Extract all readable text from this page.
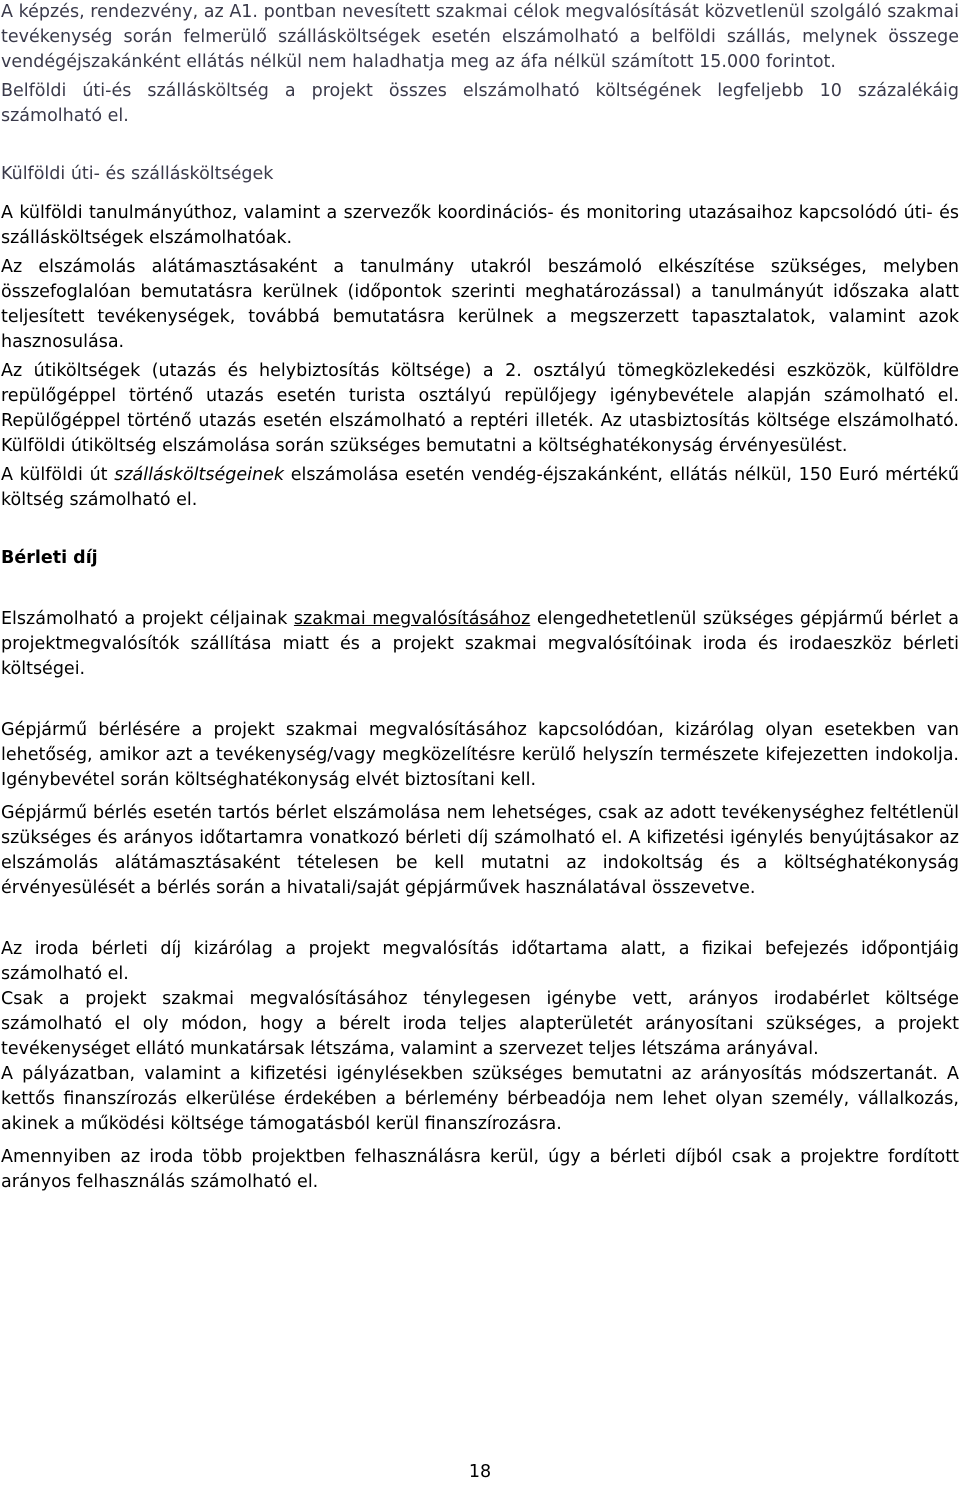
A képzés, rendezvény, az A1. pontban nevesített szakmai célok megvalósítását közvetlenül szolgáló szakmai tevékenység során felmerülő szállásköltségek esetén elszámolható a belföldi szállás, melynek összege vendégéjszakánként ellátás nélkül nem haladhatja meg az áfa nélkül számított 15.000 forintot.

Belföldi úti-és szállásköltség a projekt összes elszámolható költségének legfeljebb 10 százalékáig számolható el.

Külföldi úti- és szállásköltségek

A külföldi tanulmányúthoz, valamint a szervezők koordinációs- és monitoring utazásaihoz kapcsolódó úti- és szállásköltségek elszámolhatóak.

Az elszámolás alátámasztásaként a tanulmány utakról beszámoló elkészítése szükséges, melyben összefoglalóan bemutatásra kerülnek (időpontok szerinti meghatározással) a tanulmányút időszaka alatt teljesített tevékenységek, továbbá bemutatásra kerülnek a megszerzett tapasztalatok, valamint azok hasznosulása.

Az útiköltségek (utazás és helybiztosítás költsége) a 2. osztályú tömegközlekedési eszközök, külföldre repülőgéppel történő utazás esetén turista osztályú repülőjegy igénybevétele alapján számolható el. Repülőgéppel történő utazás esetén elszámolható a reptéri illeték. Az utasbiztosítás költsége elszámolható. Külföldi útiköltség elszámolása során szükséges bemutatni a költséghatékonyság érvényesülést.

A külföldi út szállásköltségeinek elszámolása esetén vendég-éjszakánként, ellátás nélkül, 150 Euró mértékű költség számolható el.

Bérleti díj

Elszámolható a projekt céljainak szakmai megvalósításához elengedhetetlenül szükséges gépjármű bérlet a projektmegvalósítók szállítása miatt és a projekt szakmai megvalósítóinak iroda és irodaeszköz bérleti költségei.

Gépjármű bérlésére a projekt szakmai megvalósításához kapcsolódóan, kizárólag olyan esetekben van lehetőség, amikor azt a tevékenység/vagy megközelítésre kerülő helyszín természete kifejezetten indokolja. Igénybevétel során költséghatékonyság elvét biztosítani kell.

Gépjármű bérlés esetén tartós bérlet elszámolása nem lehetséges, csak az adott tevékenységhez feltétlenül szükséges és arányos időtartamra vonatkozó bérleti díj számolható el. A kifizetési igénylés benyújtásakor az elszámolás alátámasztásaként tételesen be kell mutatni az indokoltság és a költséghatékonyság érvényesülését a bérlés során a hivatali/saját gépjárművek használatával összevetve.

Az iroda bérleti díj kizárólag a projekt megvalósítás időtartama alatt, a fizikai befejezés időpontjáig számolható el.

Csak a projekt szakmai megvalósításához ténylegesen igénybe vett, arányos irodabérlet költsége számolható el oly módon, hogy a bérelt iroda teljes alapterületét arányosítani szükséges, a projekt tevékenységet ellátó munkatársak létszáma, valamint a szervezet teljes létszáma arányával.

A pályázatban, valamint a kifizetési igénylésekben szükséges bemutatni az arányosítás módszertanát. A kettős finanszírozás elkerülése érdekében a bérlemény bérbeadója nem lehet olyan személy, vállalkozás, akinek a működési költsége támogatásból kerül finanszírozásra.

Amennyiben az iroda több projektben felhasználásra kerül, úgy a bérleti díjból csak a projektre fordított arányos felhasználás számolható el.

18
